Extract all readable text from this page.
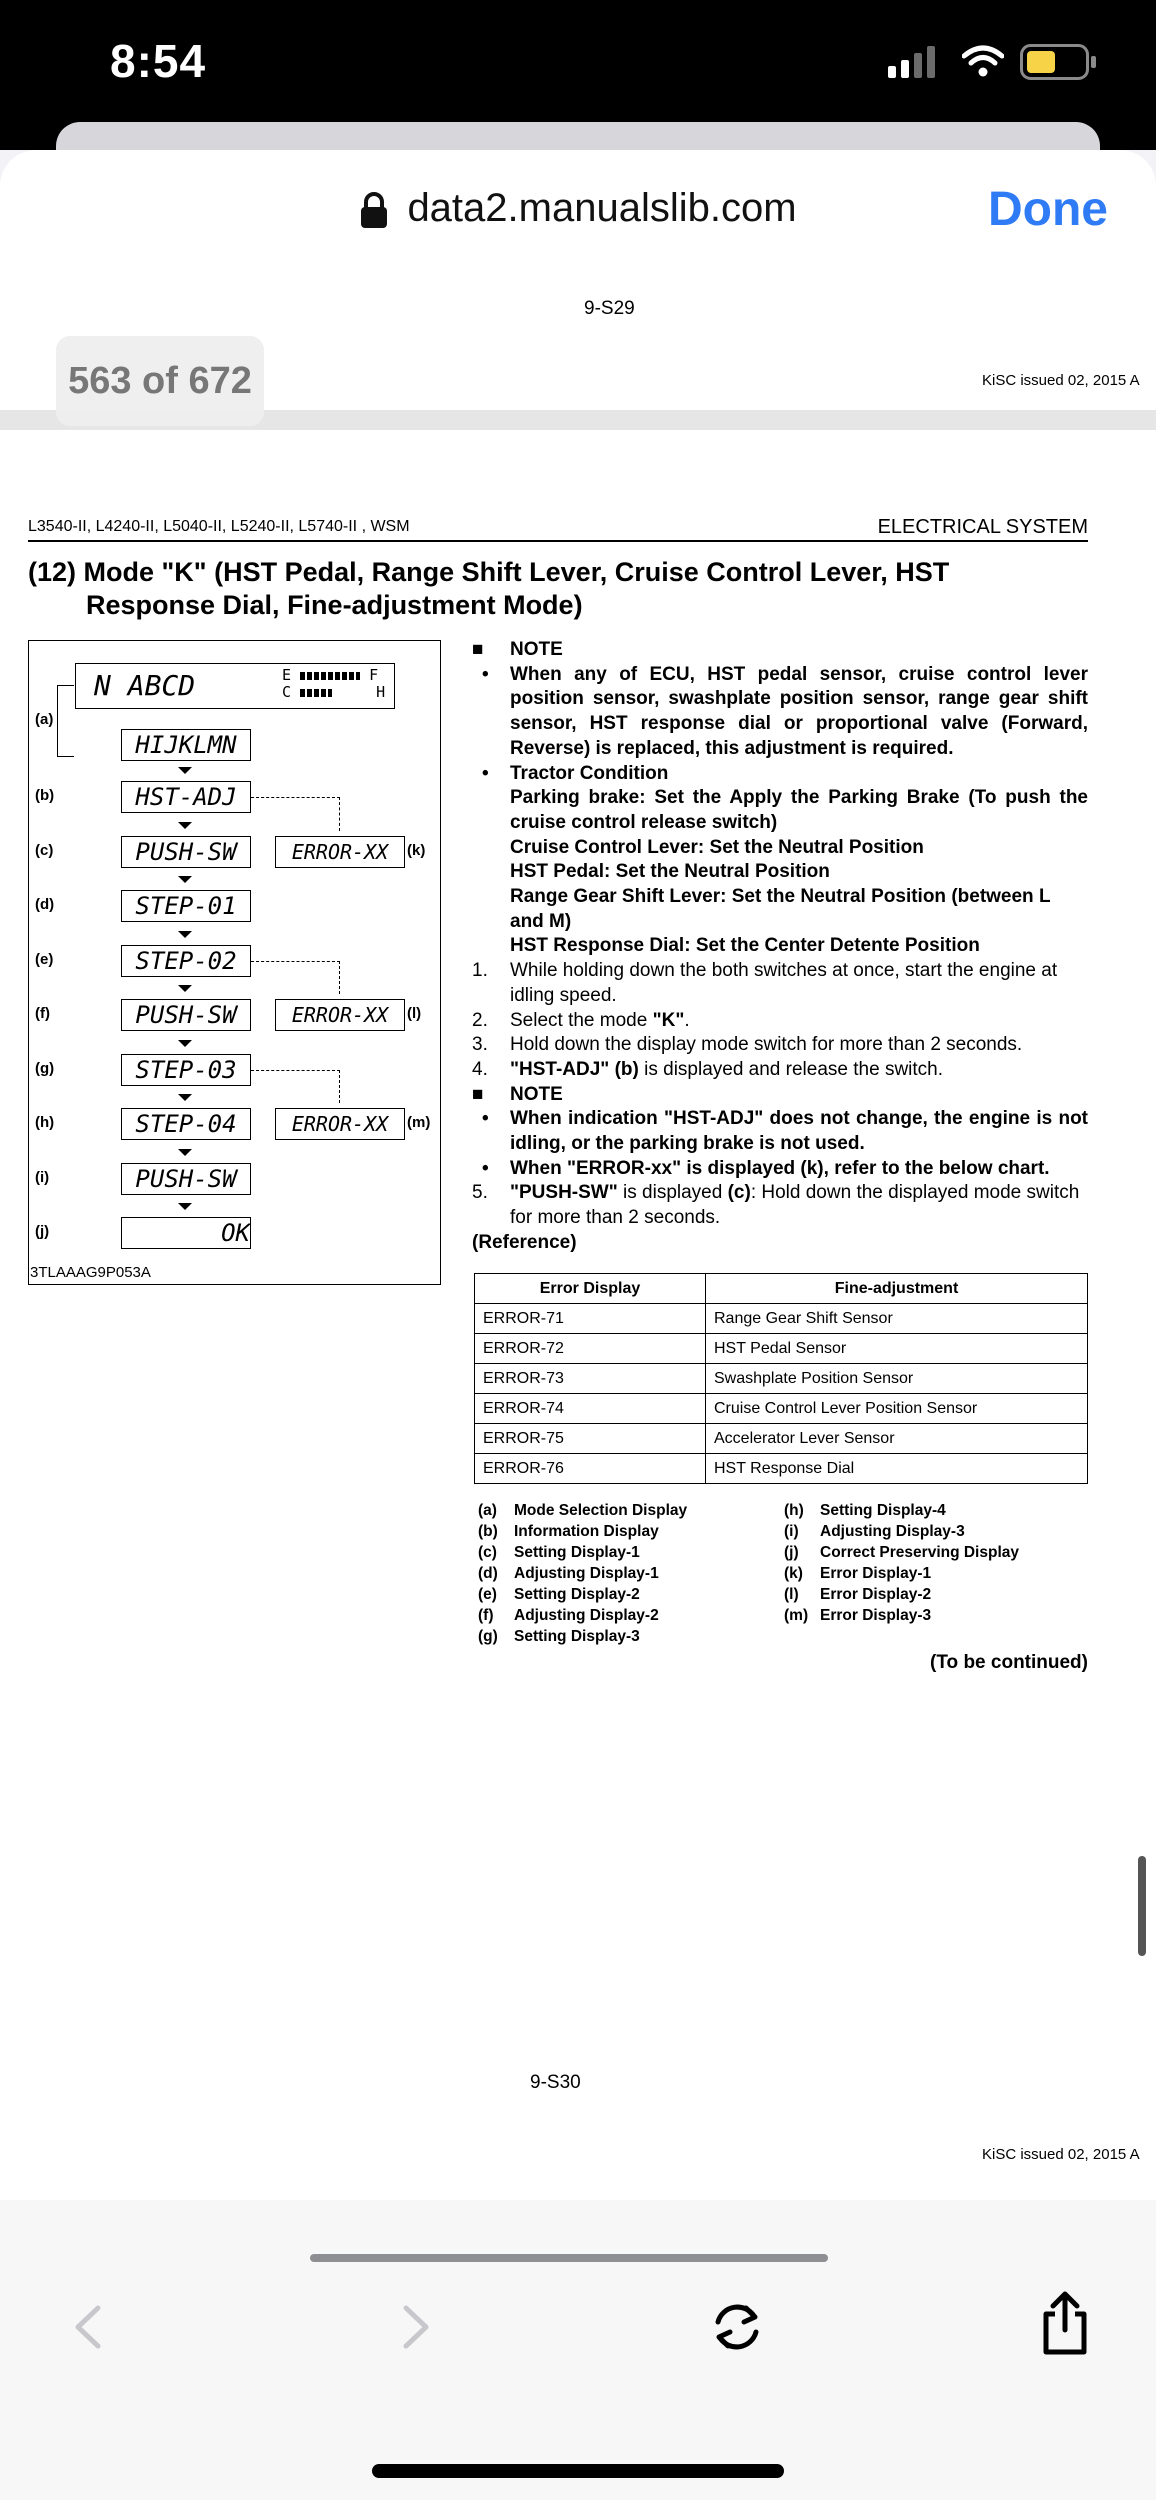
8:54
data2.manualslib.com	Done
9-S29
KiSC issued 02, 2015 A
563 of 672
L3540-II, L4240-II, L5040-II, L5240-II, L5740-II , WSM	ELECTRICAL SYSTEM
(12) Mode "K" (HST Pedal, Range Shift Lever, Cruise Control Lever, HST
Response Dial, Fine-adjustment Mode)
N ABCD	E	F
C	H
(a)
HIJKLMN
(b)	HST-ADJ
(c)	PUSH-SW
(d)	STEP-01
(e)	STEP-02
(f)	PUSH-SW
(g)	STEP-03
(h)	STEP-04
(i)	PUSH-SW
(j)	OK
ERROR-XX	(k)
ERROR-XX	(l)
ERROR-XX	(m)
■ NOTE
• When any of ECU, HST pedal sensor, cruise control lever position sensor, swashplate position sensor, range gear shift sensor, HST response dial or proportional valve (Forward, Reverse) is replaced, this adjustment is required.
• Tractor Condition
Parking brake: Set the Apply the Parking Brake (To push the cruise control release switch)
Cruise Control Lever: Set the Neutral Position
HST Pedal: Set the Neutral Position
Range Gear Shift Lever: Set the Neutral Position (between L and M)
HST Response Dial: Set the Center Detente Position
1. While holding down the both switches at once, start the engine at idling speed.
2. Select the mode "K".
3. Hold down the display mode switch for more than 2 seconds.
4. "HST-ADJ" (b) is displayed and release the switch.
■ NOTE
• When indication "HST-ADJ" does not change, the engine is not idling, or the parking brake is not used.
• When "ERROR-xx" is displayed (k), refer to the below chart.
5. "PUSH-SW" is displayed (c): Hold down the displayed mode switch for more than 2 seconds.
(Reference)
Error Display	Fine-adjustment
ERROR-71	Range Gear Shift Sensor
ERROR-72	HST Pedal Sensor
ERROR-73	Swashplate Position Sensor
ERROR-74	Cruise Control Lever Position Sensor
ERROR-75	Accelerator Lever Sensor
ERROR-76	HST Response Dial
(a) Mode Selection Display
(b) Information Display
(c) Setting Display-1
(d) Adjusting Display-1
(e) Setting Display-2
(f) Adjusting Display-2
(g) Setting Display-3
(h) Setting Display-4
(i) Adjusting Display-3
(j) Correct Preserving Display
(k) Error Display-1
(l) Error Display-2
(m) Error Display-3
(To be continued)
3TLAAAG9P053A
9-S30
KiSC issued 02, 2015 A
